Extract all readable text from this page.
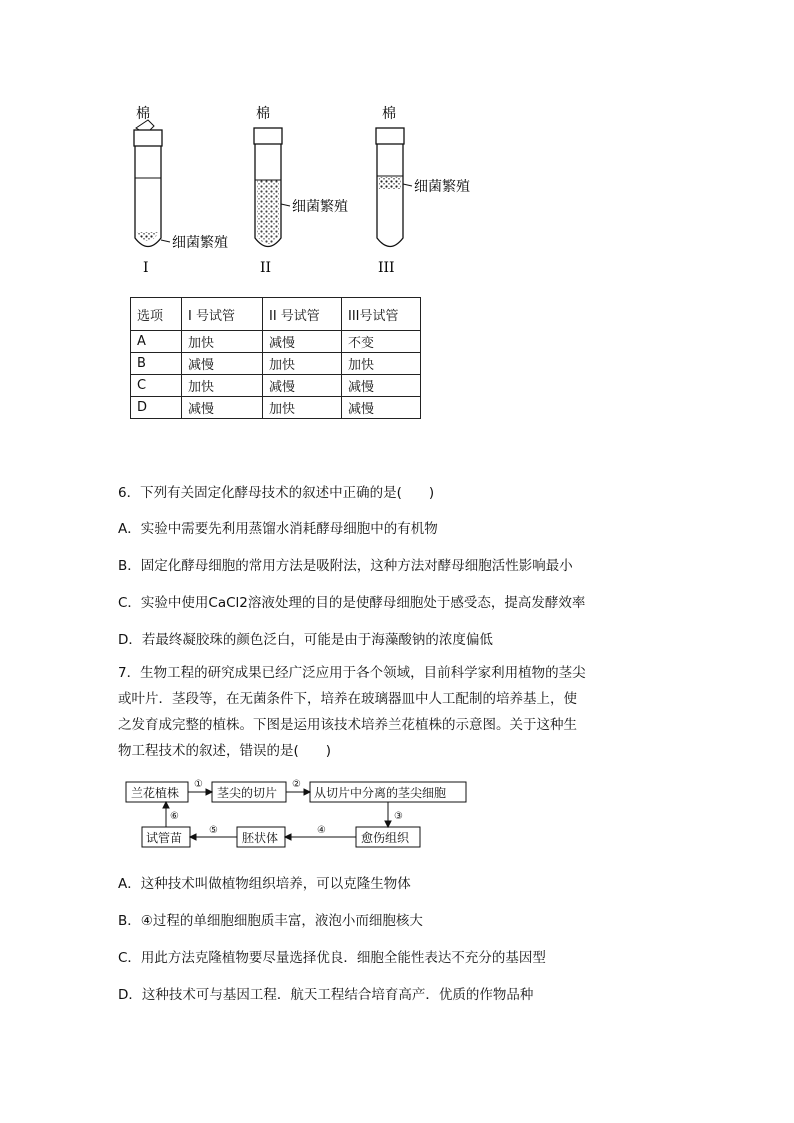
棉
细菌繁殖
I
棉
细菌繁殖
II
棉
细菌繁殖
III
选项	I 号试管	II 号试管	III号试管
A	加快	减慢	不变
B	减慢	加快	加快
C	加快	减慢	减慢
D	减慢	加快	减慢
6．下列有关固定化酵母技术的叙述中正确的是(　　)
A．实验中需要先利用蒸馏水消耗酵母细胞中的有机物
B．固定化酵母细胞的常用方法是吸附法，这种方法对酵母细胞活性影响最小
C．实验中使用CaCl2溶液处理的目的是使酵母细胞处于感受态，提高发酵效率
D．若最终凝胶珠的颜色泛白，可能是由于海藻酸钠的浓度偏低
7．生物工程的研究成果已经广泛应用于各个领域，目前科学家利用植物的茎尖或叶片．茎段等，在无菌条件下，培养在玻璃器皿中人工配制的培养基上，使之发育成完整的植株。下图是运用该技术培养兰花植株的示意图。关于这种生物工程技术的叙述，错误的是(　　)
兰花植株	茎尖的切片	从切片中分离的茎尖细胞
愈伤组织
胚状体
试管苗
①	②
③
④
⑤
⑥
A．这种技术叫做植物组织培养，可以克隆生物体
B．④过程的单细胞细胞质丰富，液泡小而细胞核大
C．用此方法克隆植物要尽量选择优良．细胞全能性表达不充分的基因型
D．这种技术可与基因工程．航天工程结合培育高产．优质的作物品种
